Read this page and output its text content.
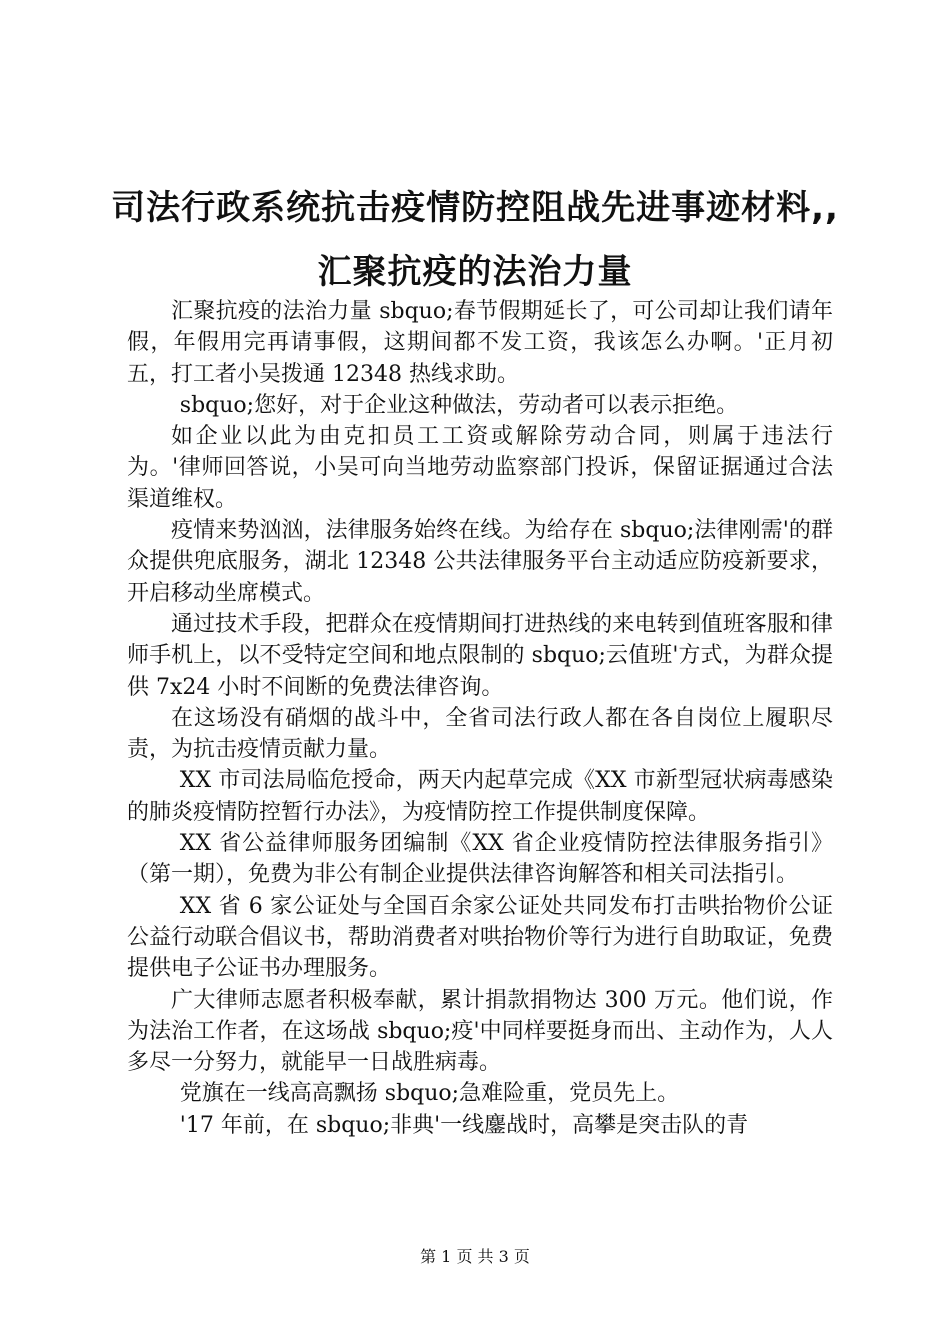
司法行政系统抗击疫情防控阻战先进事迹材料,,汇聚抗疫的法治力量

汇聚抗疫的法治力量 sbquo;春节假期延长了，可公司却让我们请年假，年假用完再请事假，这期间都不发工资，我该怎么办啊。'正月初五，打工者小吴拨通 12348 热线求助。

sbquo;您好，对于企业这种做法，劳动者可以表示拒绝。

如企业以此为由克扣员工工资或解除劳动合同，则属于违法行为。'律师回答说，小吴可向当地劳动监察部门投诉，保留证据通过合法渠道维权。

疫情来势汹汹，法律服务始终在线。为给存在 sbquo;法律刚需'的群众提供兜底服务，湖北 12348 公共法律服务平台主动适应防疫新要求，开启移动坐席模式。

通过技术手段，把群众在疫情期间打进热线的来电转到值班客服和律师手机上，以不受特定空间和地点限制的 sbquo;云值班'方式，为群众提供 7x24 小时不间断的免费法律咨询。

在这场没有硝烟的战斗中，全省司法行政人都在各自岗位上履职尽责，为抗击疫情贡献力量。

XX 市司法局临危授命，两天内起草完成《XX 市新型冠状病毒感染的肺炎疫情防控暂行办法》，为疫情防控工作提供制度保障。

XX 省公益律师服务团编制《XX 省企业疫情防控法律服务指引》（第一期），免费为非公有制企业提供法律咨询解答和相关司法指引。

XX 省 6 家公证处与全国百余家公证处共同发布打击哄抬物价公证公益行动联合倡议书，帮助消费者对哄抬物价等行为进行自助取证，免费提供电子公证书办理服务。

广大律师志愿者积极奉献，累计捐款捐物达 300 万元。他们说，作为法治工作者，在这场战 sbquo;疫'中同样要挺身而出、主动作为，人人多尽一分努力，就能早一日战胜病毒。

党旗在一线高高飘扬 sbquo;急难险重，党员先上。

'17 年前，在 sbquo;非典'一线鏖战时，高攀是突击队的青

第 1 页 共 3 页
